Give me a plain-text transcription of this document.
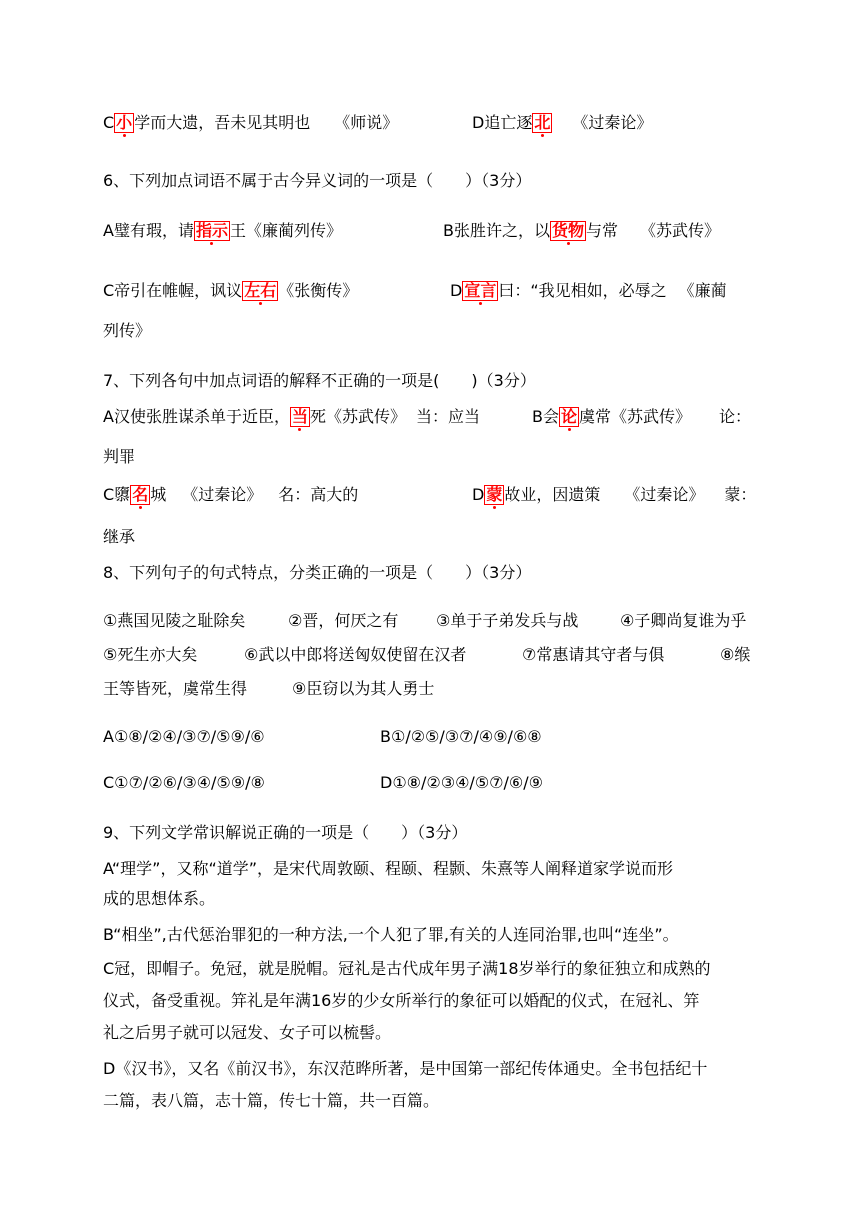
C 小 学而大遗，吾未见其明也 《师说》	D追亡逐 北 《过秦论》
6、下列加点词语不属于古今异义词的一项是（　　）（3分）
A璧有瑕，请 指示 王《廉蔺列传》	B张胜许之，以 货物 与常 《苏武传》
C帝引在帷幄，讽议 左右 《张衡传》	D 宣言 曰：“我见相如，必辱之 《廉蔺
列传》
7、下列各句中加点词语的解释不正确的一项是(　　)（3分）
A汉使张胜谋杀单于近臣， 当 死《苏武传》 当：应当	B会 论 虞常《苏武传》 论：
判罪
C隳 名 城 《过秦论》 名：高大的	D 蒙 故业，因遗策 《过秦论》 蒙：
继承
8、下列句子的句式特点，分类正确的一项是（　　）（3分）
①燕国见陵之耻除矣	②晋，何厌之有 ③单于子弟发兵与战	④子卿尚复谁为乎
⑤死生亦大矣	⑥武以中郎将送匈奴使留在汉者	⑦常惠请其守者与俱	⑧缑
王等皆死，虞常生得	⑨臣窃以为其人勇士
A①⑧/②④/③⑦/⑤⑨/⑥	B①/②⑤/③⑦/④⑨/⑥⑧
C①⑦/②⑥/③④/⑤⑨/⑧	D①⑧/②③④/⑤⑦/⑥/⑨
9、下列文学常识解说正确的一项是（　　）（3分）
A“理学”，又称“道学”，是宋代周敦颐、程颐、程颢、朱熹等人阐释道家学说而形
成的思想体系。
B“相坐”,古代惩治罪犯的一种方法,一个人犯了罪,有关的人连同治罪,也叫“连坐”。
C冠，即帽子。免冠，就是脱帽。冠礼是古代成年男子满18岁举行的象征独立和成熟的
仪式，备受重视。笄礼是年满16岁的少女所举行的象征可以婚配的仪式，在冠礼、笄
礼之后男子就可以冠发、女子可以梳髻。
D《汉书》，又名《前汉书》，东汉范晔所著，是中国第一部纪传体通史。全书包括纪十
二篇，表八篇，志十篇，传七十篇，共一百篇。
